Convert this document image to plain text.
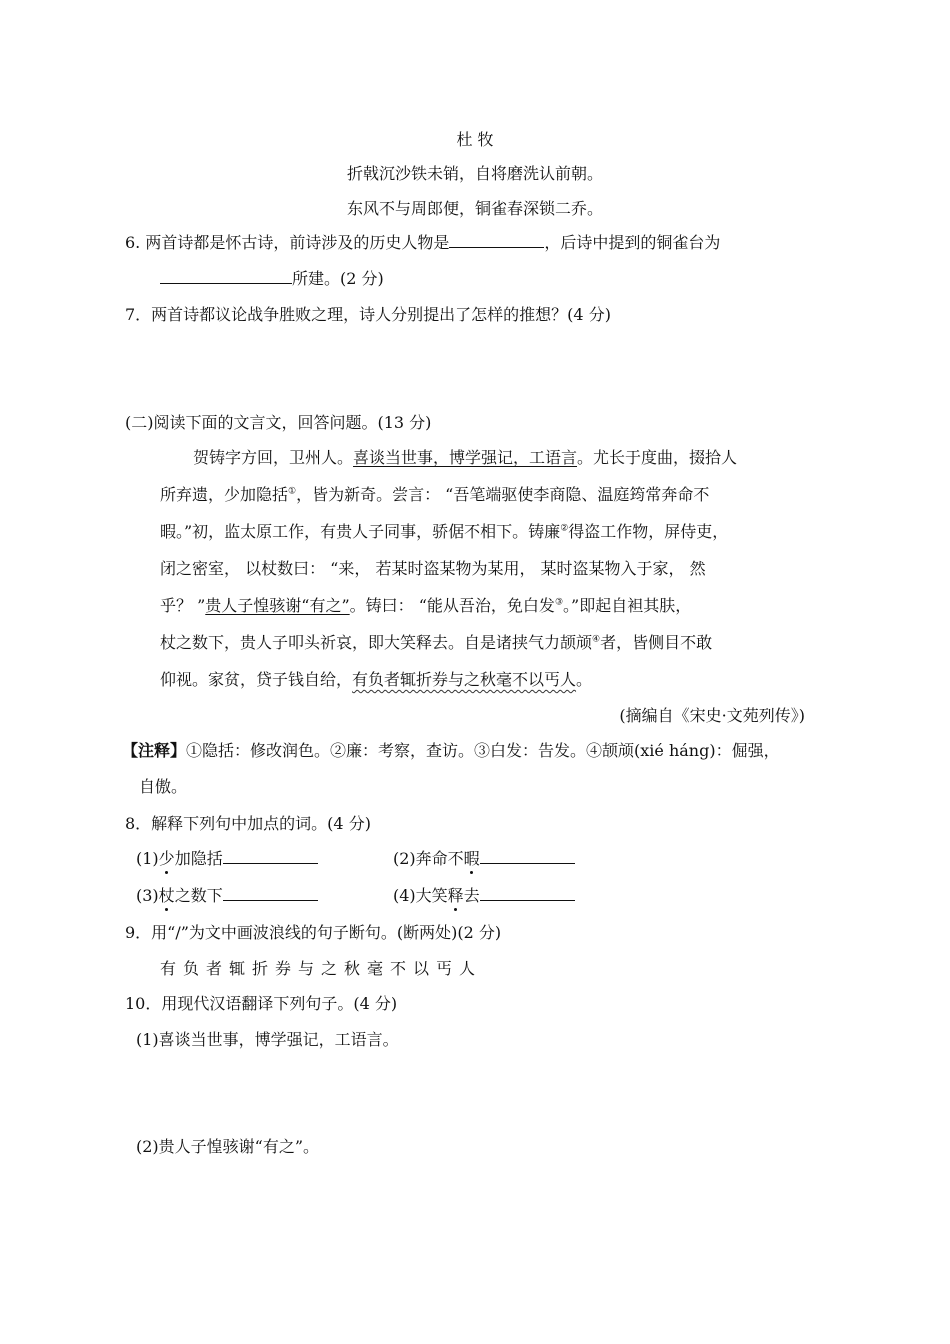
杜 牧
折戟沉沙铁未销，自将磨洗认前朝。
东风不与周郎便，铜雀春深锁二乔。
6. 两首诗都是怀古诗，前诗涉及的历史人物是	，后诗中提到的铜雀台为
所建。(2 分)
7．两首诗都议论战争胜败之理，诗人分别提出了怎样的推想？(4 分)
(二)阅读下面的文言文，回答问题。(13 分)
贺铸字方回，卫州人。喜谈当世事，博学强记，工语言。尤长于度曲，掇拾人
所弃遗，少加隐括①，皆为新奇。尝言： “吾笔端驱使李商隐、温庭筠常奔命不
暇。”初，监太原工作，有贵人子同事，骄倨不相下。铸廉②得盗工作物，屏侍吏，
闭之密室， 以杖数曰： “来， 若某时盗某物为某用， 某时盗某物入于家， 然
乎？ ”贵人子惶骇谢“有之”。铸曰： “能从吾治，免白发③。”即起自袒其肤，
杖之数下，贵人子叩头祈哀，即大笑释去。自是诸挟气力颉颃④者，皆侧目不敢
仰视。家贫，贷子钱自给，有负者辄折券与之秋毫不以丐人。
(摘编自《宋史·文苑列传》)
【注释】①隐括：修改润色。②廉：考察，查访。③白发：告发。④颉颃(xié háng)：倔强，
自傲。
8．解释下列句中加点的词。(4 分)
(1)少加隐括	(2)奔命不暇
(3)杖之数下	(4)大笑释去
9．用“/”为文中画波浪线的句子断句。(断两处)(2 分)
有负者辄折券与之秋毫不以丐人
10．用现代汉语翻译下列句子。(4 分)
(1)喜谈当世事，博学强记，工语言。
(2)贵人子惶骇谢“有之”。
